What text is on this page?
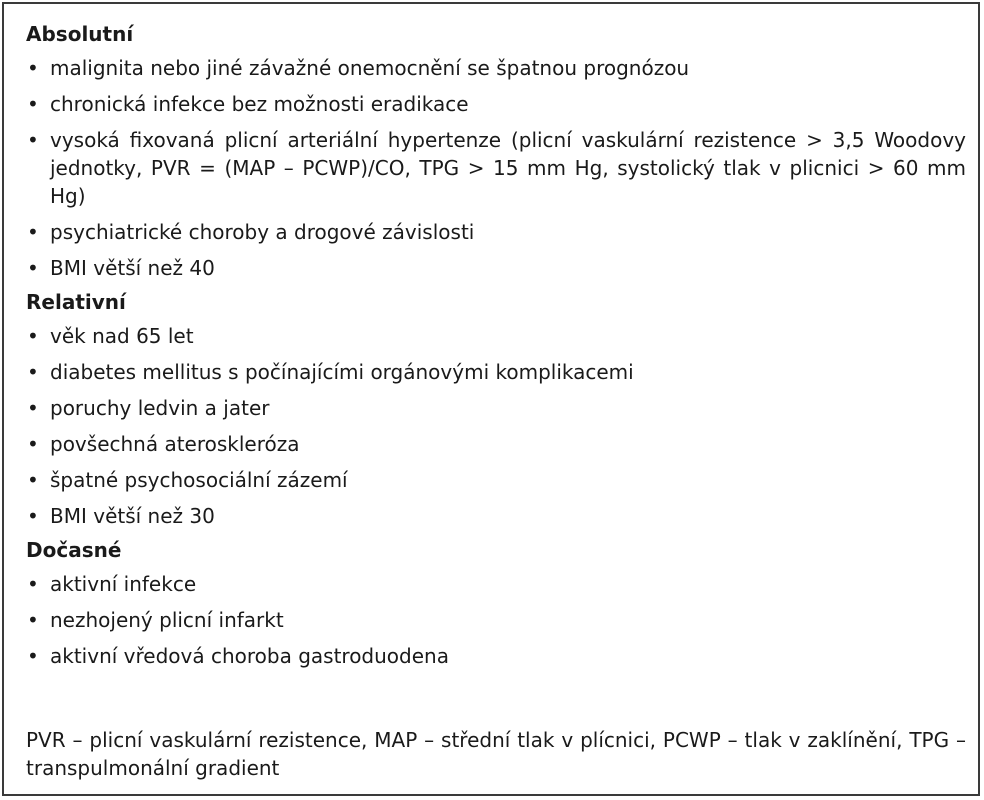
Absolutní
• malignita nebo jiné závažné onemocnění se špatnou prognózou
• chronická infekce bez možnosti eradikace
• vysoká fixovaná plicní arteriální hypertenze (plicní vaskulární rezistence > 3,5 Woodovy jednotky, PVR = (MAP – PCWP)/CO, TPG > 15 mm Hg, systolický tlak v plicnici > 60 mm Hg)
• psychiatrické choroby a drogové závislosti
• BMI větší než 40
Relativní
• věk nad 65 let
• diabetes mellitus s počínajícími orgánovými komplikacemi
• poruchy ledvin a jater
• povšechná ateroskleróza
• špatné psychosociální zázemí
• BMI větší než 30
Dočasné
• aktivní infekce
• nezhojený plicní infarkt
• aktivní vředová choroba gastroduodena
PVR – plicní vaskulární rezistence, MAP – střední tlak v plícnici, PCWP – tlak v zaklínění, TPG – transpulmonální gradient
